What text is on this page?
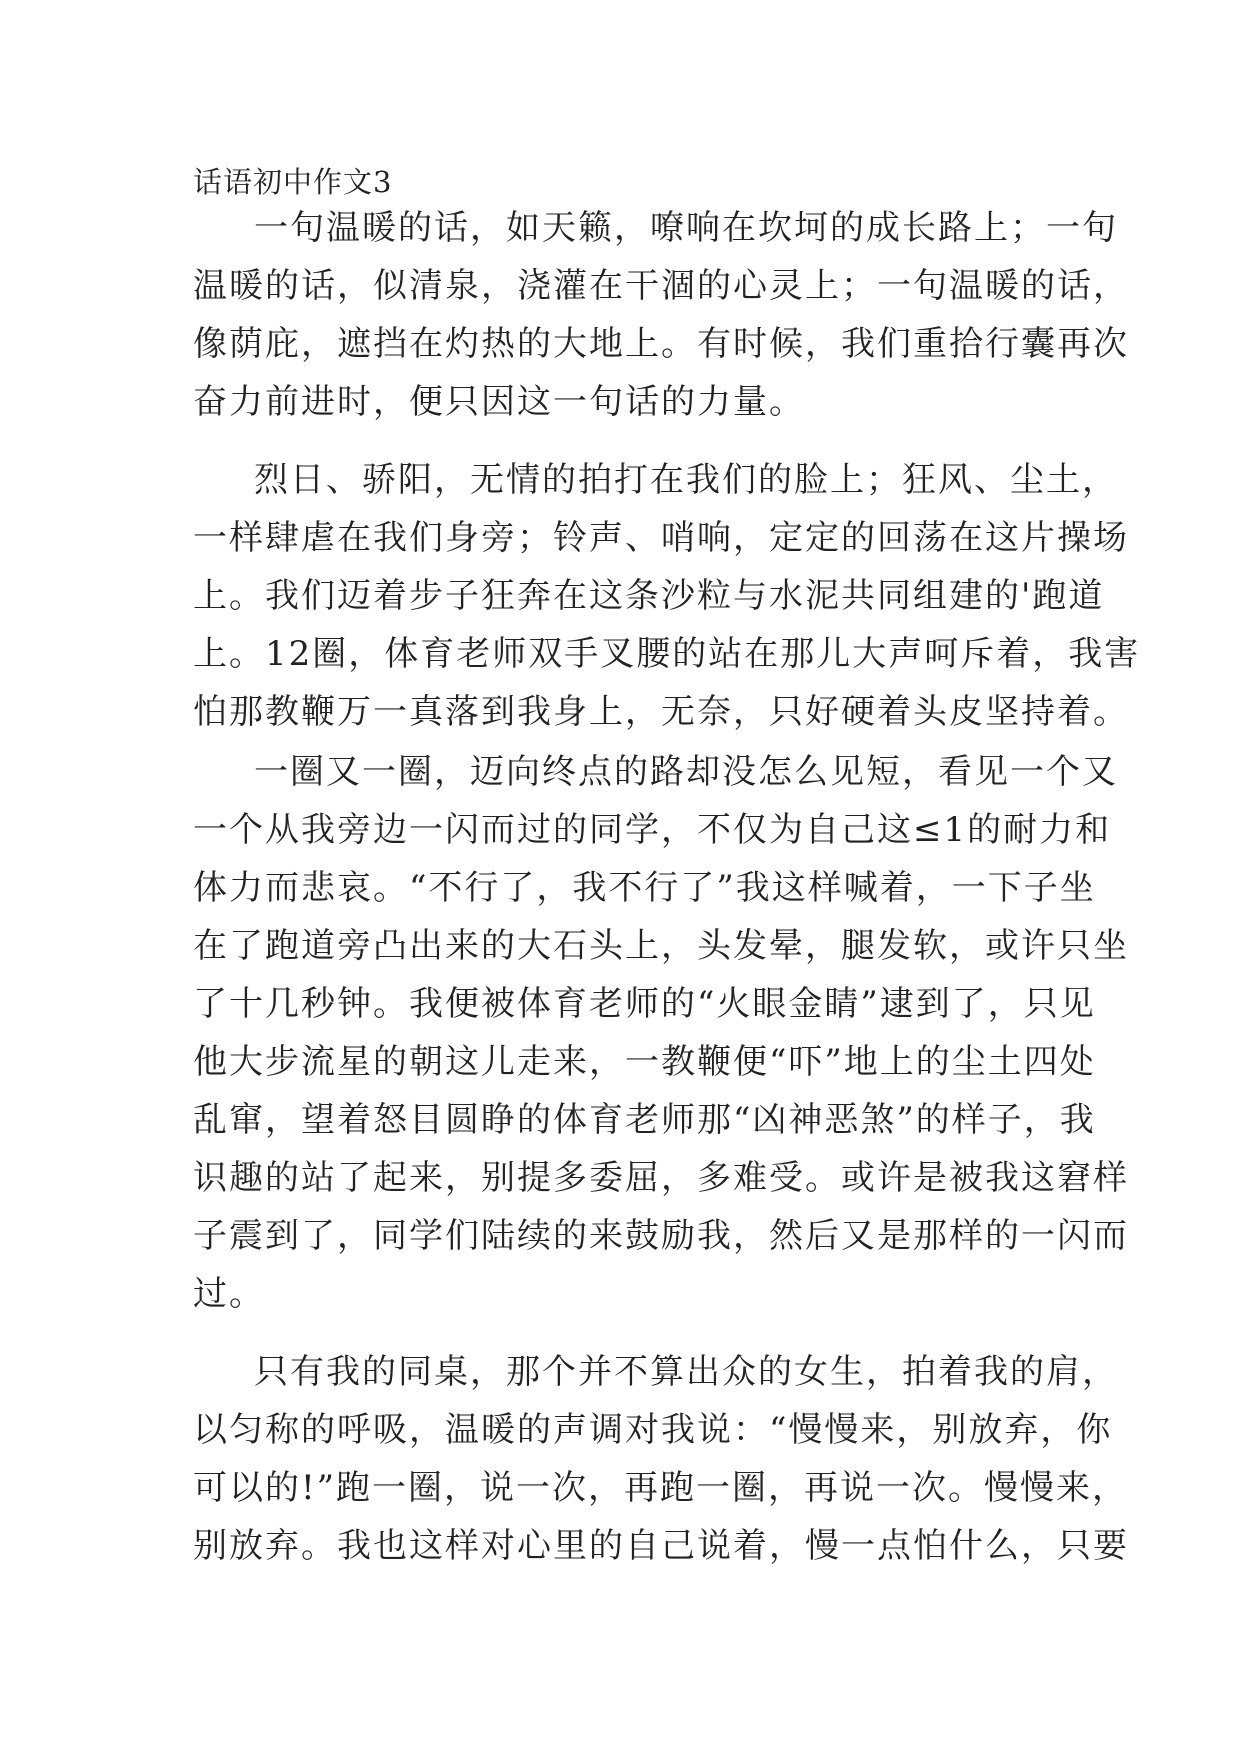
话语初中作文3
一句温暖的话，如天籁，嘹响在坎坷的成长路上；一句
温暖的话，似清泉，浇灌在干涸的心灵上；一句温暖的话，
像荫庇，遮挡在灼热的大地上。有时候，我们重拾行囊再次
奋力前进时，便只因这一句话的力量。
烈日、骄阳，无情的拍打在我们的脸上；狂风、尘土，
一样肆虐在我们身旁；铃声、哨响，定定的回荡在这片操场
上。我们迈着步子狂奔在这条沙粒与水泥共同组建的'跑道
上。12圈，体育老师双手叉腰的站在那儿大声呵斥着，我害
怕那教鞭万一真落到我身上，无奈，只好硬着头皮坚持着。
一圈又一圈，迈向终点的路却没怎么见短，看见一个又
一个从我旁边一闪而过的同学，不仅为自己这≤1的耐力和
体力而悲哀。“不行了，我不行了”我这样喊着，一下子坐
在了跑道旁凸出来的大石头上，头发晕，腿发软，或许只坐
了十几秒钟。我便被体育老师的“火眼金睛”逮到了，只见
他大步流星的朝这儿走来，一教鞭便“吓”地上的尘土四处
乱窜，望着怒目圆睁的体育老师那“凶神恶煞”的样子，我
识趣的站了起来，别提多委屈，多难受。或许是被我这窘样
子震到了，同学们陆续的来鼓励我，然后又是那样的一闪而
过。
只有我的同桌，那个并不算出众的女生，拍着我的肩，
以匀称的呼吸，温暖的声调对我说：“慢慢来，别放弃，你
可以的!”跑一圈，说一次，再跑一圈，再说一次。慢慢来，
别放弃。我也这样对心里的自己说着，慢一点怕什么，只要
